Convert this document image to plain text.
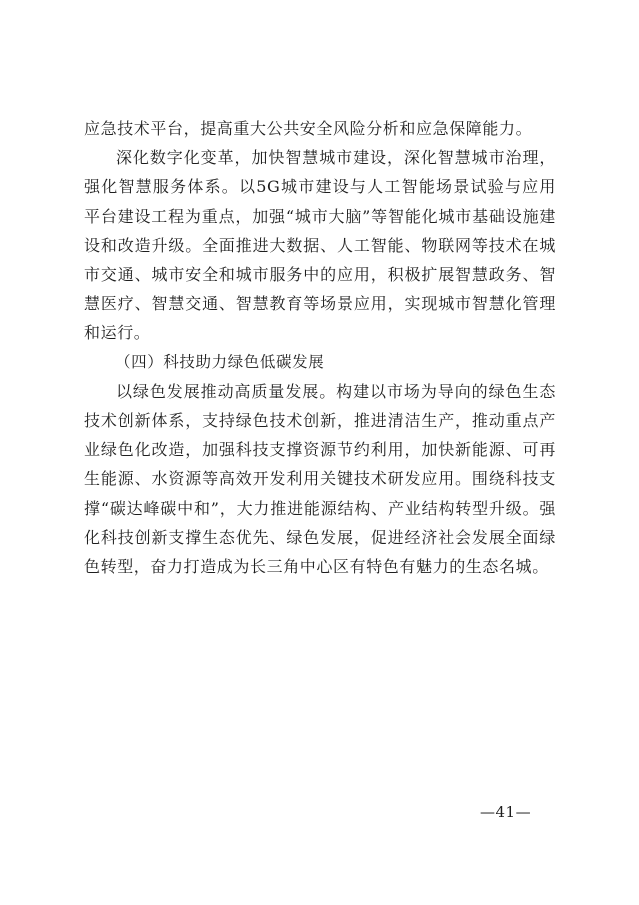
应急技术平台，提高重大公共安全风险分析和应急保障能力。

深化数字化变革，加快智慧城市建设，深化智慧城市治理，强化智慧服务体系。以5G城市建设与人工智能场景试验与应用平台建设工程为重点，加强“城市大脑”等智能化城市基础设施建设和改造升级。全面推进大数据、人工智能、物联网等技术在城市交通、城市安全和城市服务中的应用，积极扩展智慧政务、智慧医疗、智慧交通、智慧教育等场景应用，实现城市智慧化管理和运行。

（四）科技助力绿色低碳发展

以绿色发展推动高质量发展。构建以市场为导向的绿色生态技术创新体系，支持绿色技术创新，推进清洁生产，推动重点产业绿色化改造，加强科技支撑资源节约利用，加快新能源、可再生能源、水资源等高效开发利用关键技术研发应用。围绕科技支撑“碳达峰碳中和”，大力推进能源结构、产业结构转型升级。强化科技创新支撑生态优先、绿色发展，促进经济社会发展全面绿色转型，奋力打造成为长三角中心区有特色有魅力的生态名城。

—41—
